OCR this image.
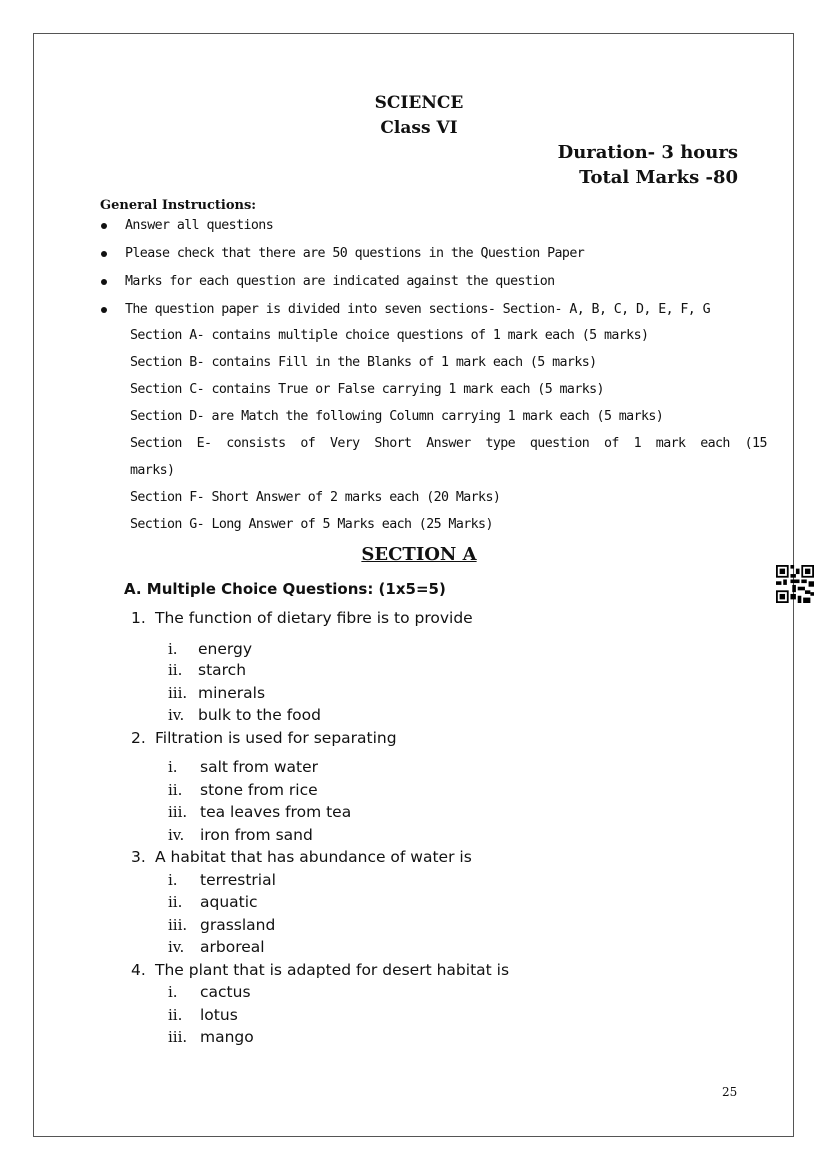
SCIENCE
Class VI
Duration- 3 hours
Total Marks -80
General Instructions:
Answer all questions
Please check that there are 50 questions in the Question Paper
Marks for each question are indicated against the question
The question paper is divided into seven sections- Section- A, B, C, D, E, F, G
Section A- contains multiple choice questions of 1 mark each (5 marks)
Section B- contains Fill in the Blanks of 1 mark each (5 marks)
Section C- contains True or False carrying 1 mark each (5 marks)
Section D- are Match the following Column carrying 1 mark each (5 marks)
Section  E-  consists  of  Very  Short  Answer  type  question  of  1  mark  each  (15
marks)
Section F- Short Answer of 2 marks each (20 Marks)
Section G- Long Answer of 5 Marks each (25 Marks)
SECTION A
A. Multiple Choice Questions: (1x5=5)
1. The function of dietary fibre is to provide
i. energy
ii. starch
iii. minerals
iv. bulk to the food
2. Filtration is used for separating
i. salt from water
ii. stone from rice
iii. tea leaves from tea
iv. iron from sand
3. A habitat that has abundance of water is
i. terrestrial
ii. aquatic
iii. grassland
iv. arboreal
4. The plant that is adapted for desert habitat is
i. cactus
ii. lotus
iii. mango
25
